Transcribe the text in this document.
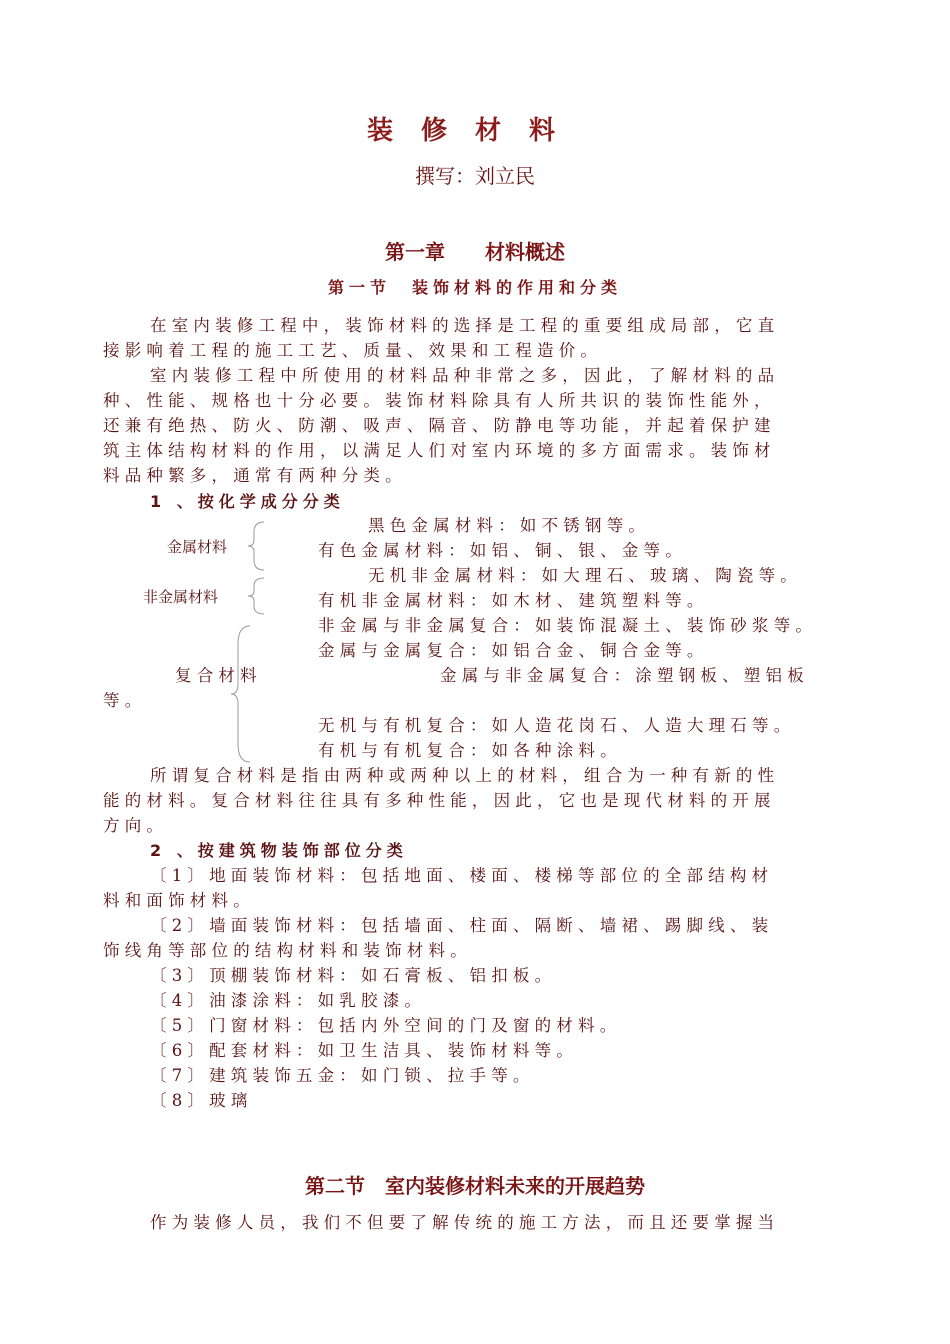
装修材料
撰写：刘立民
第一章　　材料概述
第一节　装饰材料的作用和分类
在室内装修工程中，装饰材料的选择是工程的重要组成局部，它直
接影响着工程的施工工艺、质量、效果和工程造价。
室内装修工程中所使用的材料品种非常之多，因此，了解材料的品
种、性能、规格也十分必要。装饰材料除具有人所共识的装饰性能外，
还兼有绝热、防火、防潮、吸声、隔音、防静电等功能，并起着保护建
筑主体结构材料的作用，以满足人们对室内环境的多方面需求。装饰材
料品种繁多，通常有两种分类。
1 、按化学成分分类
金属材料
非金属材料
复合材料
黑色金属材料：如不锈钢等。
有色金属材料：如铝、铜、银、金等。
无机非金属材料：如大理石、玻璃、陶瓷等。
有机非金属材料：如木材、建筑塑料等。
非金属与非金属复合：如装饰混凝土、装饰砂浆等。
金属与金属复合：如铝合金、铜合金等。
金属与非金属复合：涂塑钢板、塑铝板
等。
无机与有机复合：如人造花岗石、人造大理石等。
有机与有机复合：如各种涂料。
所谓复合材料是指由两种或两种以上的材料，组合为一种有新的性
能的材料。复合材料往往具有多种性能，因此，它也是现代材料的开展
方向。
2 、按建筑物装饰部位分类
〔1〕地面装饰材料：包括地面、楼面、楼梯等部位的全部结构材
料和面饰材料。
〔2〕墙面装饰材料：包括墙面、柱面、隔断、墙裙、踢脚线、装
饰线角等部位的结构材料和装饰材料。
〔3〕顶棚装饰材料：如石膏板、铝扣板。
〔4〕油漆涂料：如乳胶漆。
〔5〕门窗材料：包括内外空间的门及窗的材料。
〔6〕配套材料：如卫生洁具、装饰材料等。
〔7〕建筑装饰五金：如门锁、拉手等。
〔8〕玻璃
第二节　室内装修材料未来的开展趋势
作为装修人员，我们不但要了解传统的施工方法，而且还要掌握当
